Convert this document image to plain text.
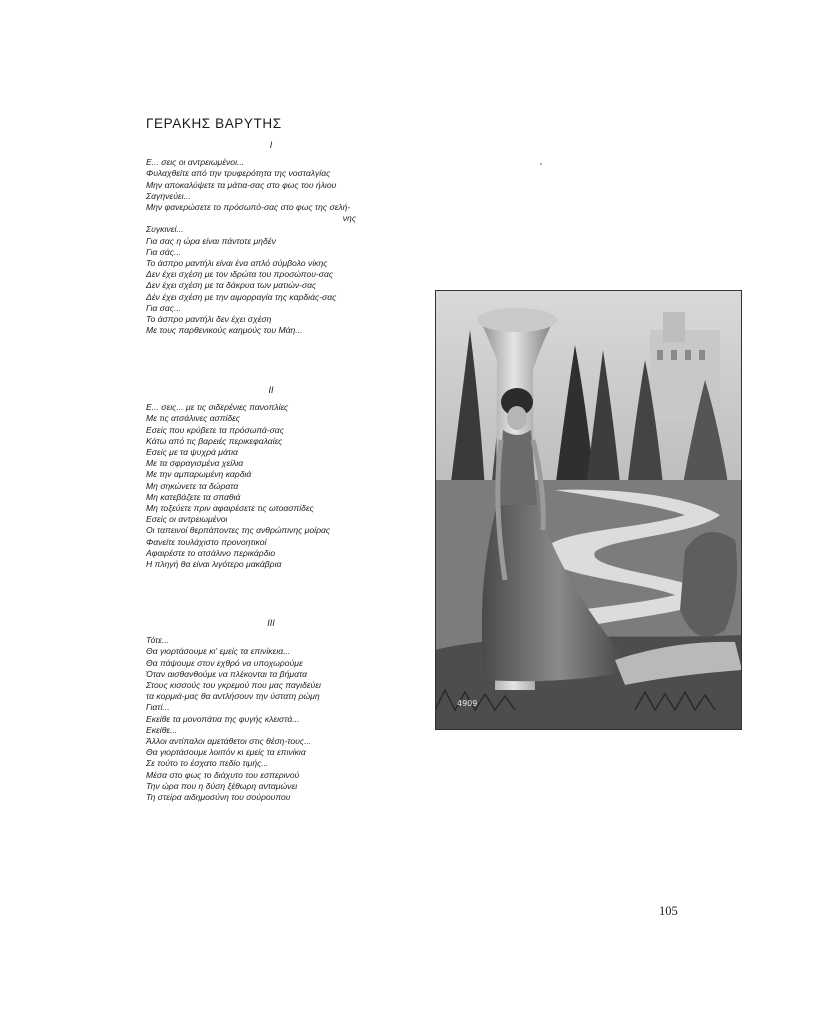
ΓΕΡΑΚΗΣ ΒΑΡΥΤΗΣ
I
Ε... σεις οι αντρειωμένοι...
Φυλαχθείτε από την τρυφερότητα της νοσταλγίας
Μην αποκαλύψετε τα μάτια-σας στο φως του ήλιου
Σαγηνεύει...
Μην φανερώσετε το πρόσωπό-σας στο φως της σελή-
νης
Συγκινεί...
Για σας η ώρα είναι πάντοτε μηδέν
Για σάς...
Το άσπρο μαντήλι είναι ένα απλό σύμβολο νίκης
Δεν έχει σχέση με τον ιδρώτα του προσώπου-σας
Δεν έχει σχέση με τα δάκρυα των ματιών-σας
Δέν έχει σχέση με την αιμορραγία της καρδιάς-σας
Για σας...
Το άσπρο μαντήλι δεν έχει σχέση
Με τους παρθενικούς καημούς του Μάη...
II
Ε... σεις... με τις σιδερένιες πανοπλίες
Με τις ατσάλινες ασπίδες
Εσείς που κρύβετε τα πρόσωπά-σας
Κάτω από τις βαρειές περικεφαλαίες
Εσείς με τα ψυχρά μάτια
Με τα σφραγισμένα χείλια
Με την αμπαρωμένη καρδιά
Μη σηκώνετε τα δώρατα
Μη κατεβάζετε τα σπαθιά
Μη τοξεύετε πριν αφαιρέσετε τις ωτοασπίδες
Εσείς οι αντρειωμένοι
Οι ταπεινοί θερπάποντες της ανθρώπινης μοίρας
Φανείτε τουλάχιστο προνοητικοί
Αφαιρέστε το ατσάλινο περικάρδιο
Η πληγή θα είναι λιγότερο μακάβρια
III
Τότε...
Θα γιορτάσουμε κι' εμείς τα επινίκεια...
Θα πάψουμε στον εχθρό να υποχωρούμε
Όταν αισθανθούμε να πλέκονται τα βήματα
Στους κισσούς του γκρεμού που μας παγιδεύει
τα κορμιά-μας θα αντλήσουν την ύστατη ρώμη
Γιατί...
Εκείθε τα μονοπάτια της φυγής κλειστά...
Εκείθε...
Άλλοι αντίπαλοι αμετάθετοι στις θέση-τους...
Θα γιορτάσουμε λοιπόν κι εμείς τα επινίκια
Σε τούτο το έσχατο πεδίο τιμής...
Μέσα στο φως το διάχυτο του εσπερινού
Την ώρα που η δύση ξέθωρη ανταμώνει
Τη στείρα αιδημοσύνη του σούρουπου
4909
105
